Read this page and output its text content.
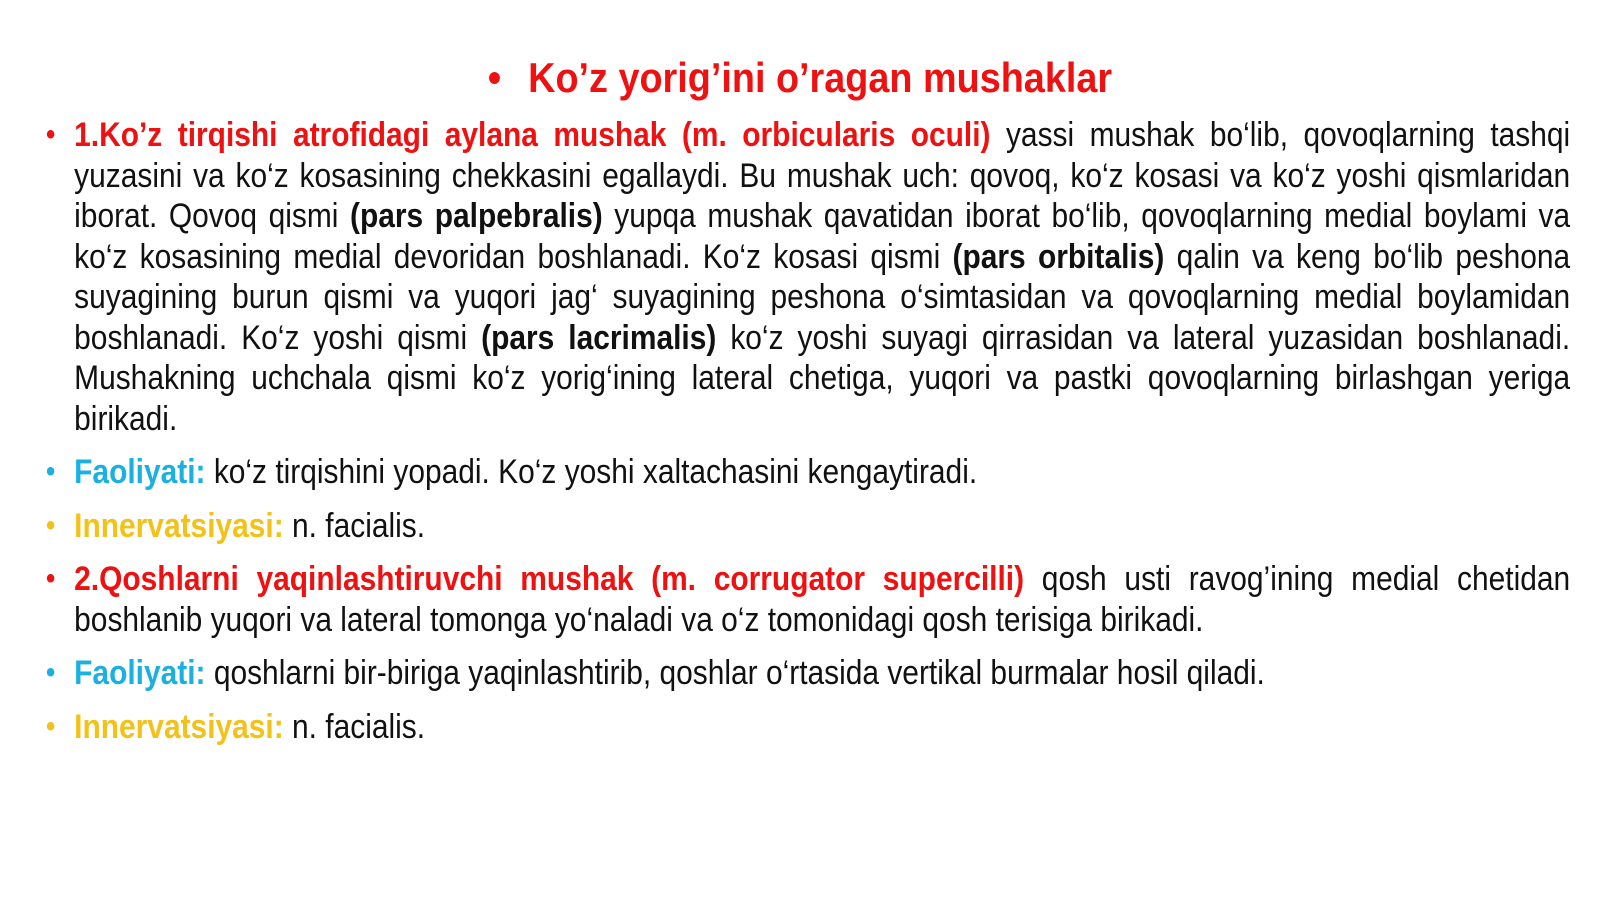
• Ko’z yorig’ini o’ragan mushaklar
• 1.Ko’z tirqishi atrofidagi aylana mushak (m. orbicularis oculi) yassi mushak bo‘lib, qovoqlarning tashqi yuzasini va ko‘z kosasining chekkasini egallaydi. Bu mushak uch: qovoq, ko‘z kosasi va ko‘z yoshi qismlaridan iborat. Qovoq qismi (pars palpebralis) yupqa mushak qavatidan iborat bo‘lib, qovoqlarning medial boylami va ko‘z kosasining medial devoridan boshlanadi. Ko‘z kosasi qismi (pars orbitalis) qalin va keng bo‘lib peshona suyagining burun qismi va yuqori jag‘ suyagining peshona o‘simtasidan va qovoqlarning medial boylamidan boshlanadi. Ko‘z yoshi qismi (pars lacrimalis) ko‘z yoshi suyagi qirrasidan va lateral yuzasidan boshlanadi. Mushakning uchchala qismi ko‘z yorig‘ining lateral chetiga, yuqori va pastki qovoqlarning birlashgan yeriga birikadi.
• Faoliyati: ko‘z tirqishini yopadi. Ko‘z yoshi xaltachasini kengaytiradi.
• Innervatsiyasi: n. facialis.
• 2.Qoshlarni yaqinlashtiruvchi mushak (m. corrugator supercilli) qosh usti ravog’ining medial chetidan boshlanib yuqori va lateral tomonga yo‘naladi va o‘z tomonidagi qosh terisiga birikadi.
• Faoliyati: qoshlarni bir-biriga yaqinlashtirib, qoshlar o‘rtasida vertikal burmalar hosil qiladi.
• Innervatsiyasi: n. facialis.
